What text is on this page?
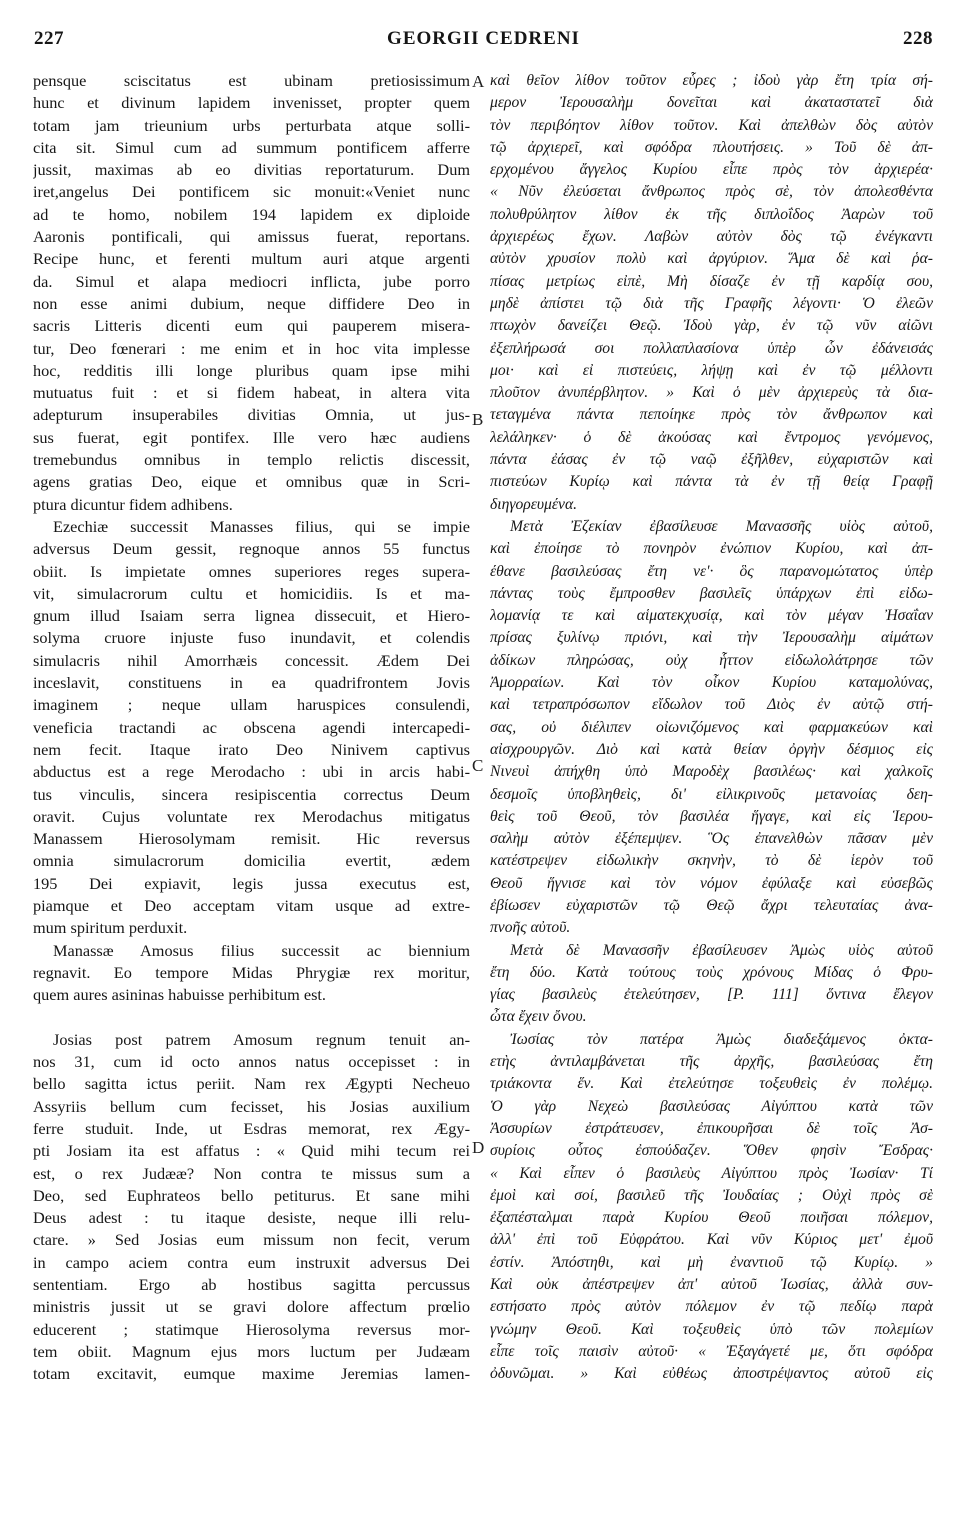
227	GEORGII CEDRENI	228
pensque sciscitatus est ubinam pretiosissimum
hunc et divinum lapidem invenisset, propter quem
totam jam trieunium urbs perturbata atque solli-
cita sit. Simul cum ad summum pontificem afferre
jussit, maximas ab eo divitias reportaturum. Dum
iret,angelus Dei pontificem sic monuit:«Veniet nunc
ad te homo, nobilem 194 lapidem ex diploide
Aaronis pontificali, qui amissus fuerat, reportans.
Recipe hunc, et ferenti multum auri atque argenti
da. Simul et alapa mediocri inflicta, jube porro
non esse animi dubium, neque diffidere Deo in
sacris Litteris dicenti eum qui pauperem misera-
tur, Deo fœnerari : me enim et in hoc vita implesse
hoc, redditis illi longe pluribus quam ipse mihi
mutuatus fuit : et si fidem habeat, in altera vita
adepturum insuperabiles divitias Omnia, ut jus-
sus fuerat, egit pontifex. Ille vero hæc audiens
tremebundus omnibus in templo relictis discessit,
agens gratias Deo, eique et omnibus quæ in Scri-
ptura dicuntur fidem adhibens.
Ezechiæ successit Manasses filius, qui se impie
adversus Deum gessit, regnoque annos 55 functus
obiit. Is impietate omnes superiores reges supera-
vit, simulacrorum cultu et homicidiis. Is et ma-
gnum illud Isaiam serra lignea dissecuit, et Hiero-
solyma cruore injuste fuso inundavit, et colendis
simulacris nihil Amorrhæis concessit. Ædem Dei
inceslavit, constituens in ea quadrifrontem Jovis
imaginem ; neque ullam haruspices consulendi,
veneficia tractandi ac obscena agendi intercapedi-
nem fecit. Itaque irato Deo Ninivem captivus
abductus est a rege Merodacho : ubi in arcis habi-
tus vinculis, sincera resipiscentia correctus Deum
oravit. Cujus voluntate rex Merodachus mitigatus
Manassem Hierosolymam remisit. Hic reversus
omnia simulacrorum domicilia evertit, ædem
195 Dei expiavit, legis jussa executus est,
piamque et Deo acceptam vitam usque ad extre-
mum spiritum perduxit.
Manassæ Amosus filius successit ac biennium
regnavit. Eo tempore Midas Phrygiæ rex moritur,
quem aures asininas habuisse perhibitum est.
Josias post patrem Amosum regnum tenuit an-
nos 31, cum id octo annos natus occepisset : in
bello sagitta ictus periit. Nam rex Ægypti Necheuo
Assyriis bellum cum fecisset, his Josias auxilium
ferre studuit. Inde, ut Esdras memorat, rex Ægy-
pti Josiam ita est affatus : « Quid mihi tecum rei
est, o rex Judææ? Non contra te missus sum a
Deo, sed Euphrateos bello petiturus. Et sane mihi
Deus adest : tu itaque desiste, neque illi relu-
ctare. » Sed Josias eum missum non fecit, verum
in campo aciem contra eum instruxit adversus Dei
sententiam. Ergo ab hostibus sagitta percussus
ministris jussit ut se gravi dolore affectum prœlio
educerent ; statimque Hierosolyma reversus mor-
tem obiit. Magnum ejus mors luctum per Judæam
totam excitavit, eumque maxime Jeremias lamen-
καὶ θεῖον λίθον τοῦτον εὗρες ; ἰδοὺ γὰρ ἔτη τρία σή-
μερον Ἰερουσαλὴμ δονεῖται καὶ ἀκαταστατεῖ διὰ
τὸν περιβόητον λίθον τοῦτον. Καὶ ἀπελθὼν δὸς αὐτὸν
τῷ ἀρχιερεῖ, καὶ σφόδρα πλουτήσεις. » Τοῦ δὲ ἀπ-
ερχομένου ἄγγελος Κυρίου εἶπε πρὸς τὸν ἀρχιερέα·
« Νῦν ἐλεύσεται ἄνθρωπος πρὸς σὲ, τὸν ἀπολεσθέντα
πολυθρύλητον λίθον ἐκ τῆς διπλοΐδος Ἀαρὼν τοῦ
ἀρχιερέως ἔχων. Λαβὼν αὐτὸν δὸς τῷ ἐνέγκαντι
αὐτὸν χρυσίον πολὺ καὶ ἀργύριον. Ἅμα δὲ καὶ ῥα-
πίσας μετρίως εἰπὲ, Μὴ δίσαζε ἐν τῇ καρδίᾳ σου,
μηδὲ ἀπίστει τῷ διὰ τῆς Γραφῆς λέγοντι· Ὁ ἐλεῶν
πτωχὸν δανείζει Θεῷ. Ἰδοὺ γὰρ, ἐν τῷ νῦν αἰῶνι
ἐξεπλήρωσά σοι πολλαπλασίονα ὑπὲρ ὧν ἐδάνεισάς
μοι· καὶ εἰ πιστεύεις, λήψῃ καὶ ἐν τῷ μέλλοντι
πλοῦτον ἀνυπέρβλητον. » Καὶ ὁ μὲν ἀρχιερεὺς τὰ δια-
τεταγμένα πάντα πεποίηκε πρὸς τὸν ἄνθρωπον καὶ
λελάληκεν· ὁ δὲ ἀκούσας καὶ ἔντρομος γενόμενος,
πάντα ἐάσας ἐν τῷ ναῷ ἐξῆλθεν, εὐχαριστῶν καὶ
πιστεύων Κυρίῳ καὶ πάντα τὰ ἐν τῇ θείᾳ Γραφῇ
διηγορευμένα.
Μετὰ Ἐζεκίαν ἐβασίλευσε Μανασσῆς υἱὸς αὐτοῦ,
καὶ ἐποίησε τὸ πονηρὸν ἐνώπιον Κυρίου, καὶ ἀπ-
έθανε βασιλεύσας ἔτη νε'· ὃς παρανομώτατος ὑπὲρ
πάντας τοὺς ἔμπροσθεν βασιλεῖς ὑπάρχων ἐπὶ εἰδω-
λομανίᾳ τε καὶ αἱματεκχυσίᾳ, καὶ τὸν μέγαν Ἠσαΐαν
πρίσας ξυλίνῳ πριόνι, καὶ τὴν Ἰερουσαλὴμ αἱμάτων
ἀδίκων πληρώσας, οὐχ ἧττον εἰδωλολάτρησε τῶν
Ἀμορραίων. Καὶ τὸν οἶκον Κυρίου καταμολύνας,
καὶ τετραπρόσωπον εἴδωλον τοῦ Διὸς ἐν αὐτῷ στή-
σας, οὐ διέλιπεν οἰωνιζόμενος καὶ φαρμακεύων καὶ
αἰσχρουργῶν. Διὸ καὶ κατὰ θείαν ὀργὴν δέσμιος εἰς
Νινευὶ ἀπήχθη ὑπὸ Μαροδὲχ βασιλέως· καὶ χαλκοῖς
δεσμοῖς ὑποβληθεὶς, δι' εἰλικρινοῦς μετανοίας δεη-
θεὶς τοῦ Θεοῦ, τὸν βασιλέα ἥγαγε, καὶ εἰς Ἱερου-
σαλὴμ αὐτὸν ἐξέπεμψεν. Ὃς ἐπανελθὼν πᾶσαν μὲν
κατέστρεψεν εἰδωλικὴν σκηνὴν, τὸ δὲ ἱερὸν τοῦ
Θεοῦ ἥγνισε καὶ τὸν νόμον ἐφύλαξε καὶ εὐσεβῶς
ἐβίωσεν εὐχαριστῶν τῷ Θεῷ ἄχρι τελευταίας ἀνα-
πνοῆς αὐτοῦ.
Μετὰ δὲ Μανασσῆν ἐβασίλευσεν Ἀμὼς υἱὸς αὐτοῦ
ἔτη δύο. Κατὰ τούτους τοὺς χρόνους Μίδας ὁ Φρυ-
γίας βασιλεὺς ἐτελεύτησεν, [P. 111] ὅντινα ἔλεγον
ὦτα ἔχειν ὄνου.
Ἰωσίας τὸν πατέρα Ἀμὼς διαδεξάμενος ὀκτα-
ετὴς ἀντιλαμβάνεται τῆς ἀρχῆς, βασιλεύσας ἔτη
τριάκοντα ἕν. Καὶ ἐτελεύτησε τοξευθεὶς ἐν πολέμῳ.
Ὁ γὰρ Νεχεὼ βασιλεύσας Αἰγύπτου κατὰ τῶν
Ἀσσυρίων ἐστράτευσεν, ἐπικουρῆσαι δὲ τοῖς Ἀσ-
συρίοις οὗτος ἐσπούδαζεν. Ὅθεν φησὶν Ἔσδρας·
« Καὶ εἶπεν ὁ βασιλεὺς Αἰγύπτου πρὸς Ἰωσίαν· Τί
ἐμοὶ καὶ σοί, βασιλεῦ τῆς Ἰουδαίας ; Οὐχὶ πρὸς σὲ
ἐξαπέσταλμαι παρὰ Κυρίου Θεοῦ ποιῆσαι πόλεμον,
ἀλλ' ἐπὶ τοῦ Εὐφράτου. Καὶ νῦν Κύριος μετ' ἐμοῦ
ἐστίν. Ἀπόστηθι, καὶ μὴ ἐναντιοῦ τῷ Κυρίῳ. »
Καὶ οὐκ ἀπέστρεψεν ἀπ' αὐτοῦ Ἰωσίας, ἀλλὰ συν-
εστήσατο πρὸς αὐτὸν πόλεμον ἐν τῷ πεδίῳ παρὰ
γνώμην Θεοῦ. Καὶ τοξευθεὶς ὑπὸ τῶν πολεμίων
εἶπε τοῖς παισὶν αὐτοῦ· « Ἐξαγάγετέ με, ὅτι σφόδρα
ὀδυνῶμαι. » Καὶ εὐθέως ἀποστρέψαντος αὐτοῦ εἰς
A
B
C
D
